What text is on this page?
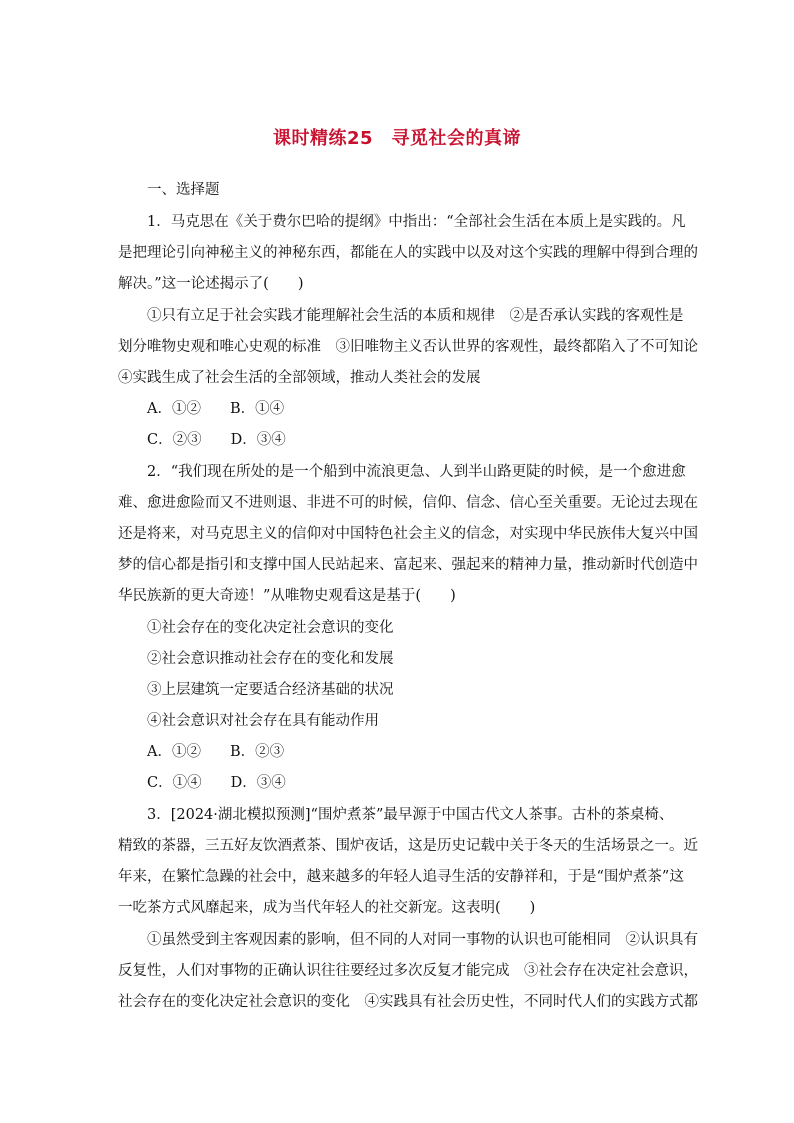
课时精练25　寻觅社会的真谛
一、选择题
1．马克思在《关于费尔巴哈的提纲》中指出：“全部社会生活在本质上是实践的。凡
是把理论引向神秘主义的神秘东西，都能在人的实践中以及对这个实践的理解中得到合理的
解决。”这一论述揭示了(　　)
①只有立足于社会实践才能理解社会生活的本质和规律　②是否承认实践的客观性是
划分唯物史观和唯心史观的标准　③旧唯物主义否认世界的客观性，最终都陷入了不可知论
④实践生成了社会生活的全部领域，推动人类社会的发展
A．①②　　B．①④
C．②③　　D．③④
2．“我们现在所处的是一个船到中流浪更急、人到半山路更陡的时候，是一个愈进愈
难、愈进愈险而又不进则退、非进不可的时候，信仰、信念、信心至关重要。无论过去现在
还是将来，对马克思主义的信仰对中国特色社会主义的信念，对实现中华民族伟大复兴中国
梦的信心都是指引和支撑中国人民站起来、富起来、强起来的精神力量，推动新时代创造中
华民族新的更大奇迹！”从唯物史观看这是基于(　　)
①社会存在的变化决定社会意识的变化
②社会意识推动社会存在的变化和发展
③上层建筑一定要适合经济基础的状况
④社会意识对社会存在具有能动作用
A．①②　　B．②③
C．①④　　D．③④
3．[2024·湖北模拟预测]“围炉煮茶”最早源于中国古代文人茶事。古朴的茶桌椅、
精致的茶器，三五好友饮酒煮茶、围炉夜话，这是历史记载中关于冬天的生活场景之一。近
年来，在繁忙急躁的社会中，越来越多的年轻人追寻生活的安静祥和，于是“围炉煮茶”这
一吃茶方式风靡起来，成为当代年轻人的社交新宠。这表明(　　)
①虽然受到主客观因素的影响，但不同的人对同一事物的认识也可能相同　②认识具有
反复性，人们对事物的正确认识往往要经过多次反复才能完成　③社会存在决定社会意识，
社会存在的变化决定社会意识的变化　④实践具有社会历史性，不同时代人们的实践方式都
